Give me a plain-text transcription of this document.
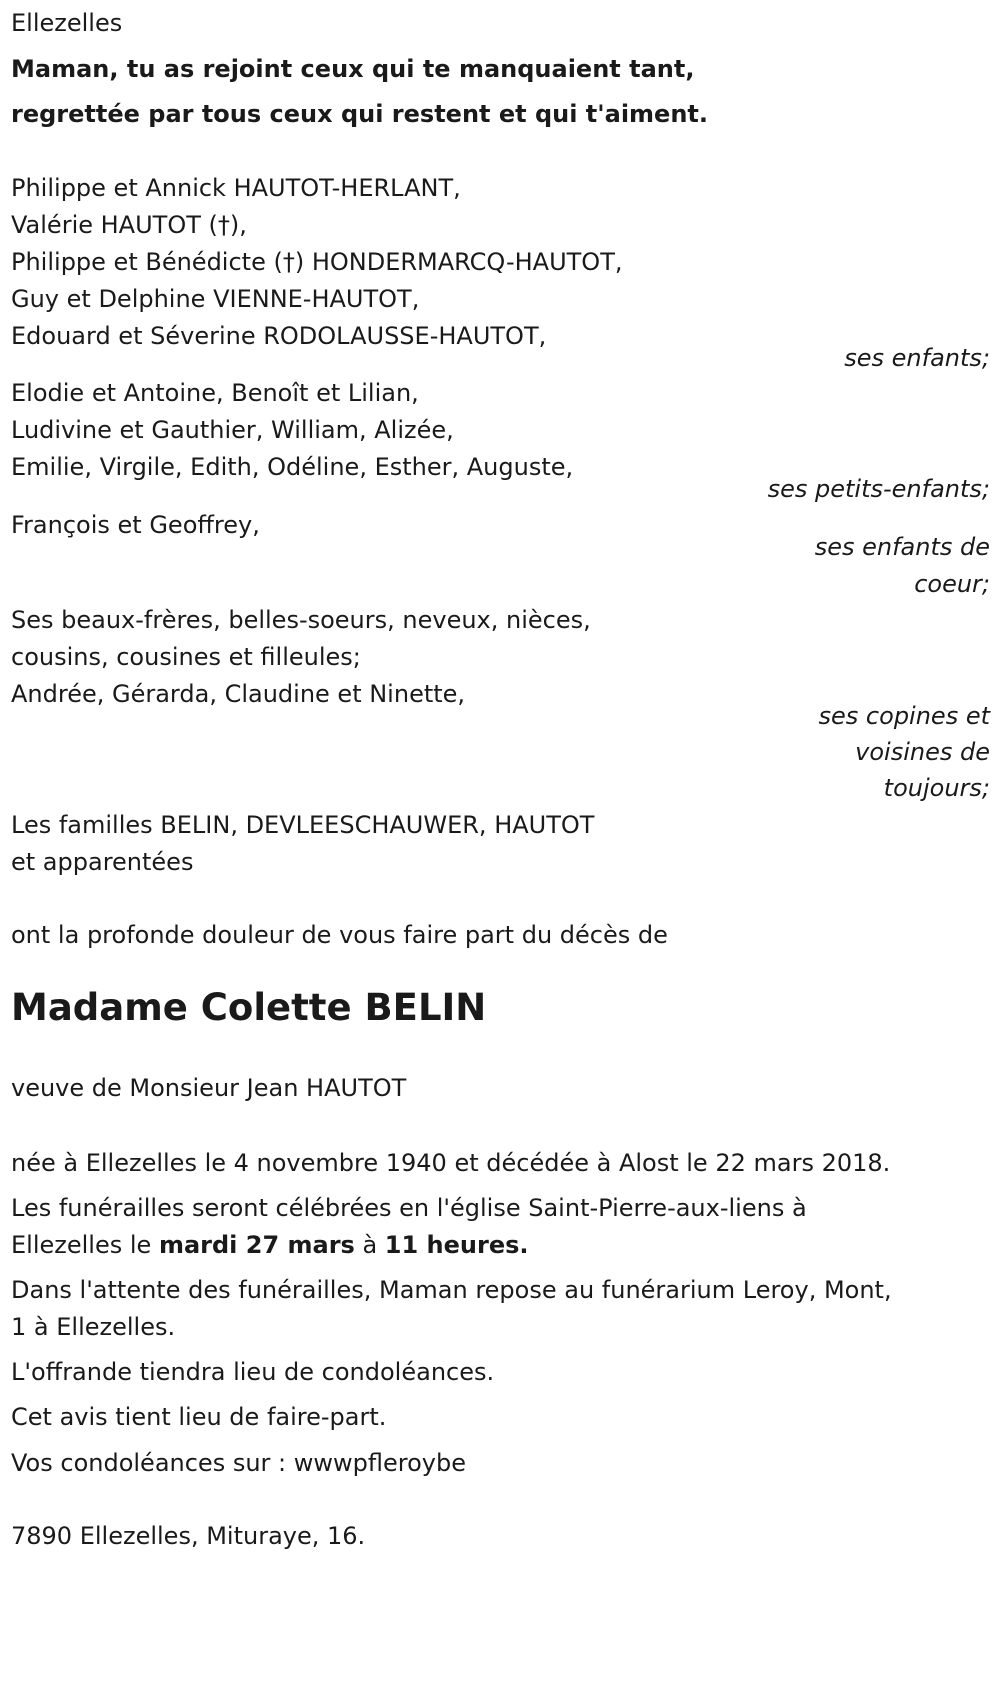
Ellezelles
Maman, tu as rejoint ceux qui te manquaient tant,
regrettée par tous ceux qui restent et qui t'aiment.
Philippe et Annick HAUTOT-HERLANT,
Valérie HAUTOT (†),
Philippe et Bénédicte (†) HONDERMARCQ-HAUTOT,
Guy et Delphine VIENNE-HAUTOT,
Edouard et Séverine RODOLAUSSE-HAUTOT,
ses enfants;
Elodie et Antoine, Benoît et Lilian,
Ludivine et Gauthier, William, Alizée,
Emilie, Virgile, Edith, Odéline, Esther, Auguste,
ses petits-enfants;
François et Geoffrey,
ses enfants de
coeur;
Ses beaux-frères, belles-soeurs, neveux, nièces,
cousins, cousines et filleules;
Andrée, Gérarda, Claudine et Ninette,
ses copines et
voisines de
toujours;
Les familles BELIN, DEVLEESCHAUWER, HAUTOT
et apparentées
ont la profonde douleur de vous faire part du décès de
Madame Colette BELIN
veuve de Monsieur Jean HAUTOT
née à Ellezelles le 4 novembre 1940 et décédée à Alost le 22 mars 2018.
Les funérailles seront célébrées en l'église Saint-Pierre-aux-liens à
Ellezelles le mardi 27 mars à 11 heures.
Dans l'attente des funérailles, Maman repose au funérarium Leroy, Mont,
1 à Ellezelles.
L'offrande tiendra lieu de condoléances.
Cet avis tient lieu de faire-part.
Vos condoléances sur : wwwpfleroybe
7890 Ellezelles, Mituraye, 16.
